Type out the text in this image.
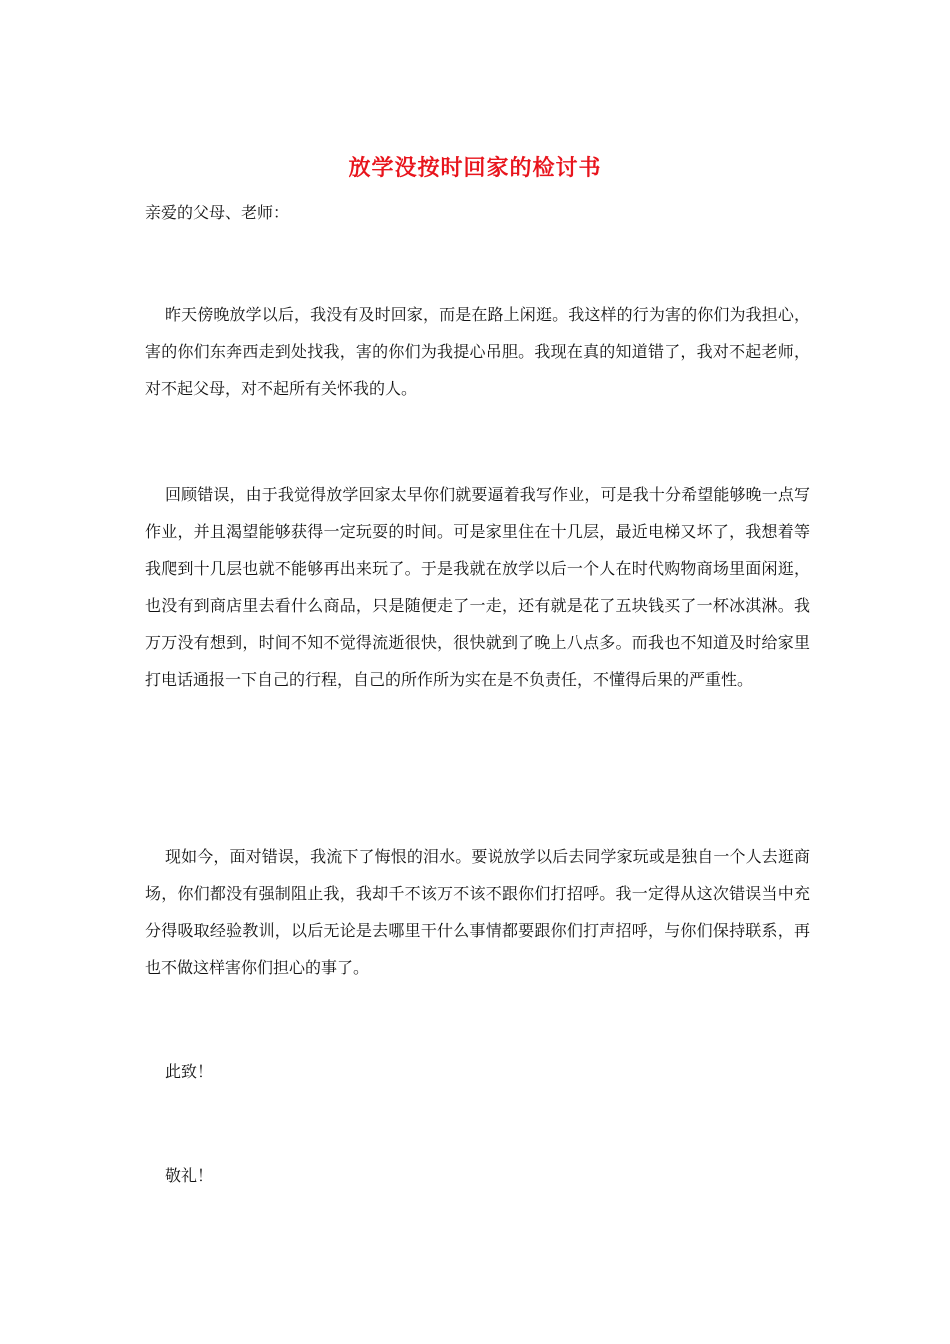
放学没按时回家的检讨书
亲爱的父母、老师：
昨天傍晚放学以后，我没有及时回家，而是在路上闲逛。我这样的行为害的你们为我担心，害的你们东奔西走到处找我，害的你们为我提心吊胆。我现在真的知道错了，我对不起老师，对不起父母，对不起所有关怀我的人。
回顾错误，由于我觉得放学回家太早你们就要逼着我写作业，可是我十分希望能够晚一点写作业，并且渴望能够获得一定玩耍的时间。可是家里住在十几层，最近电梯又坏了，我想着等我爬到十几层也就不能够再出来玩了。于是我就在放学以后一个人在时代购物商场里面闲逛，也没有到商店里去看什么商品，只是随便走了一走，还有就是花了五块钱买了一杯冰淇淋。我万万没有想到，时间不知不觉得流逝很快，很快就到了晚上八点多。而我也不知道及时给家里打电话通报一下自己的行程，自己的所作所为实在是不负责任，不懂得后果的严重性。
现如今，面对错误，我流下了悔恨的泪水。要说放学以后去同学家玩或是独自一个人去逛商场，你们都没有强制阻止我，我却千不该万不该不跟你们打招呼。我一定得从这次错误当中充分得吸取经验教训，以后无论是去哪里干什么事情都要跟你们打声招呼，与你们保持联系，再也不做这样害你们担心的事了。
此致！
敬礼！
